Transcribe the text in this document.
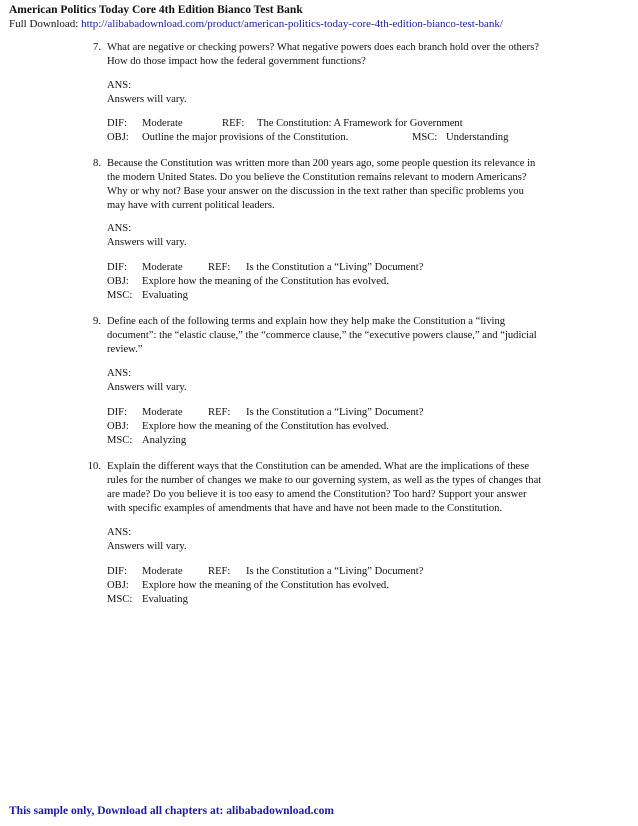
American Politics Today Core 4th Edition Bianco Test Bank
Full Download: http://alibabadownload.com/product/american-politics-today-core-4th-edition-bianco-test-bank/
7. What are negative or checking powers? What negative powers does each branch hold over the others?
How do those impact how the federal government functions?
ANS:
Answers will vary.
DIF: Moderate	REF: The Constitution: A Framework for Government
OBJ: Outline the major provisions of the Constitution.	MSC: Understanding
8. Because the Constitution was written more than 200 years ago, some people question its relevance in
the modern United States. Do you believe the Constitution remains relevant to modern Americans?
Why or why not? Base your answer on the discussion in the text rather than specific problems you
may have with current political leaders.
ANS:
Answers will vary.
DIF: Moderate REF: Is the Constitution a “Living” Document?
OBJ: Explore how the meaning of the Constitution has evolved.
MSC: Evaluating
9. Define each of the following terms and explain how they help make the Constitution a “living
document”: the “elastic clause,” the “commerce clause,” the “executive powers clause,” and “judicial
review.”
ANS:
Answers will vary.
DIF: Moderate REF: Is the Constitution a “Living” Document?
OBJ: Explore how the meaning of the Constitution has evolved.
MSC: Analyzing
10. Explain the different ways that the Constitution can be amended. What are the implications of these
rules for the number of changes we make to our governing system, as well as the types of changes that
are made? Do you believe it is too easy to amend the Constitution? Too hard? Support your answer
with specific examples of amendments that have and have not been made to the Constitution.
ANS:
Answers will vary.
DIF: Moderate REF: Is the Constitution a “Living” Document?
OBJ: Explore how the meaning of the Constitution has evolved.
MSC: Evaluating
This sample only, Download all chapters at: alibabadownload.com
